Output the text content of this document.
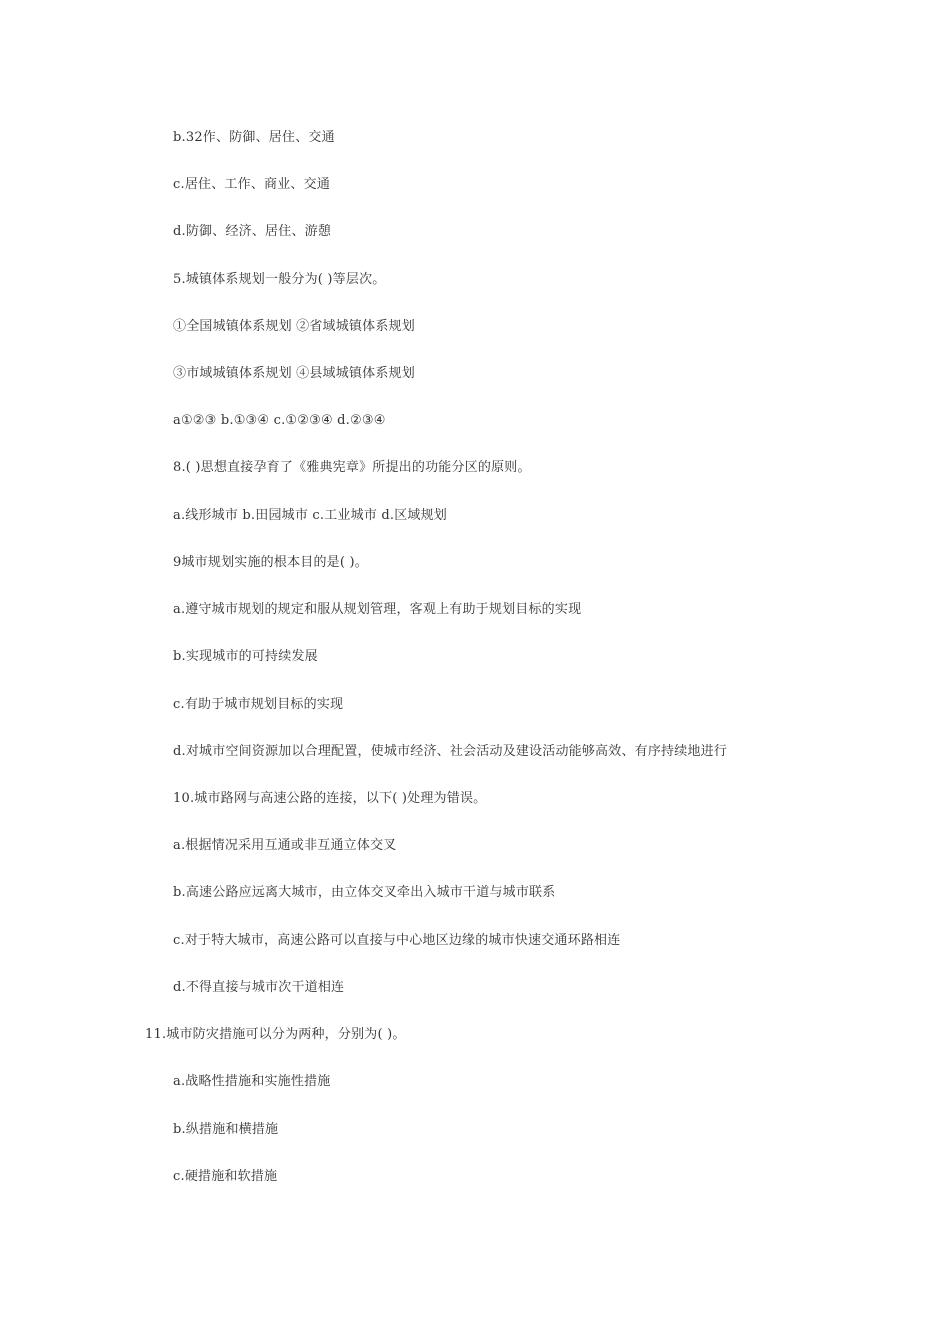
b.32作、防御、居住、交通
c.居住、工作、商业、交通
d.防御、经济、居住、游憩
5.城镇体系规划一般分为( )等层次。
①全国城镇体系规划 ②省域城镇体系规划
③市域城镇体系规划 ④县域城镇体系规划
a①②③ b.①③④ c.①②③④ d.②③④
8.( )思想直接孕育了《雅典宪章》所提出的功能分区的原则。
a.线形城市 b.田园城市 c.工业城市 d.区域规划
9城市规划实施的根本目的是( )。
a.遵守城市规划的规定和服从规划管理，客观上有助于规划目标的实现
b.实现城市的可持续发展
c.有助于城市规划目标的实现
d.对城市空间资源加以合理配置，使城市经济、社会活动及建设活动能够高效、有序持续地进行
10.城市路网与高速公路的连接，以下( )处理为错误。
a.根据情况采用互通或非互通立体交叉
b.高速公路应远离大城市，由立体交叉牵出入城市干道与城市联系
c.对于特大城市，高速公路可以直接与中心地区边缘的城市快速交通环路相连
d.不得直接与城市次干道相连
11.城市防灾措施可以分为两种，分别为( )。
a.战略性措施和实施性措施
b.纵措施和横措施
c.硬措施和软措施
